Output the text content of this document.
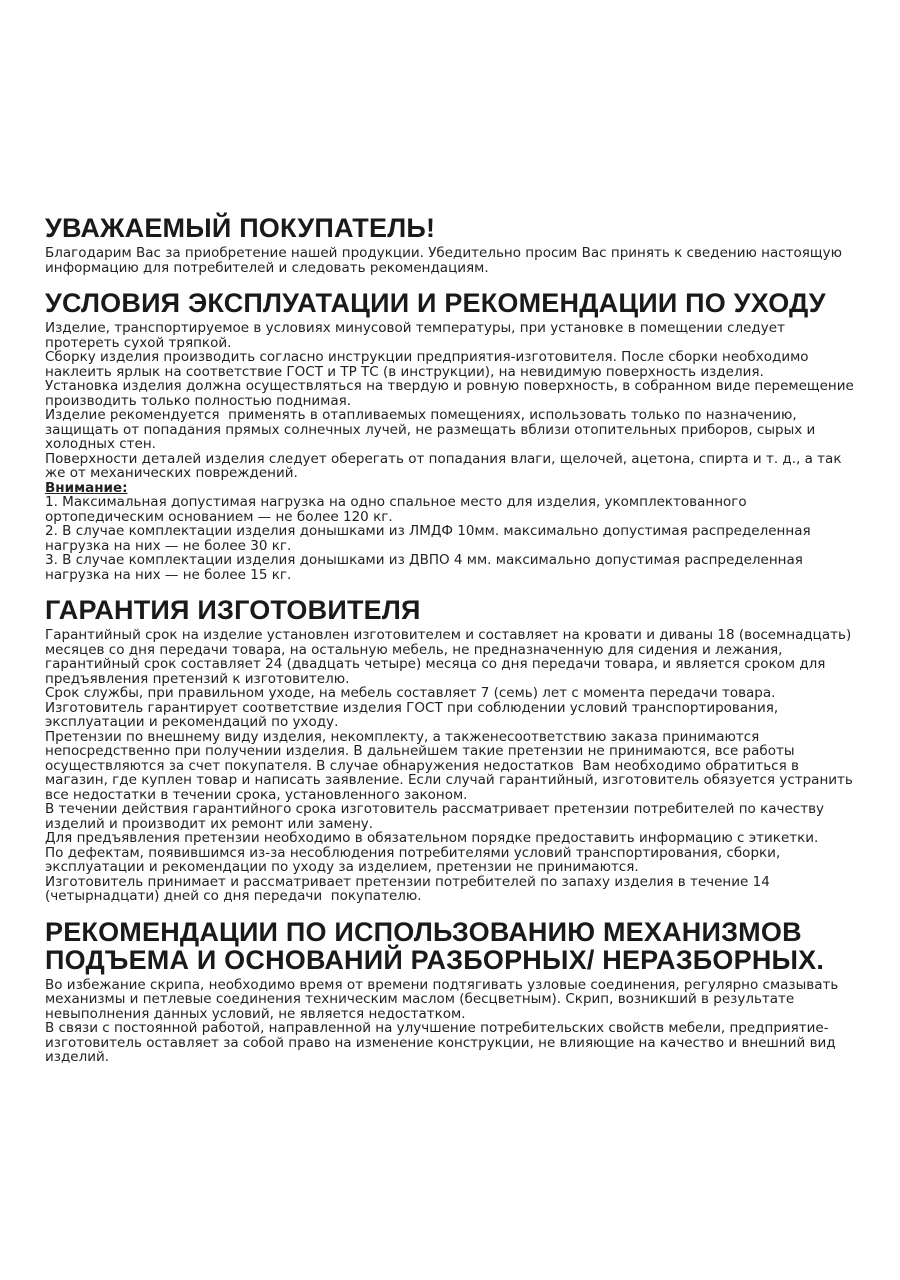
УВАЖАЕМЫЙ ПОКУПАТЕЛЬ!

Благодарим Вас за приобретение нашей продукции. Убедительно просим Вас принять к сведению настоящую информацию для потребителей и следовать рекомендациям.

УСЛОВИЯ ЭКСПЛУАТАЦИИ И РЕКОМЕНДАЦИИ ПО УХОДУ

Изделие, транспортируемое в условиях минусовой температуры, при установке в помещении следует протереть сухой тряпкой.

Сборку изделия производить согласно инструкции предприятия-изготовителя. После сборки необходимо наклеить ярлык на соответствие ГОСТ и ТР ТС (в инструкции), на невидимую поверхность изделия.

Установка изделия должна осуществляться на твердую и ровную поверхность, в собранном виде перемещение производить только полностью поднимая.

Изделие рекомендуется  применять в отапливаемых помещениях, использовать только по назначению, защищать от попадания прямых солнечных лучей, не размещать вблизи отопительных приборов, сырых и холодных стен.

Поверхности деталей изделия следует оберегать от попадания влаги, щелочей, ацетона, спирта и т. д., а так же от механических повреждений.

Внимание:

1. Максимальная допустимая нагрузка на одно спальное место для изделия, укомплектованного ортопедическим основанием — не более 120 кг.

2. В случае комплектации изделия донышками из ЛМДФ 10мм. максимально допустимая распределенная нагрузка на них — не более 30 кг.

3. В случае комплектации изделия донышками из ДВПО 4 мм. максимально допустимая распределенная нагрузка на них — не более 15 кг.

ГАРАНТИЯ ИЗГОТОВИТЕЛЯ

Гарантийный срок на изделие установлен изготовителем и составляет на кровати и диваны 18 (восемнадцать) месяцев со дня передачи товара, на остальную мебель, не предназначенную для сидения и лежания, гарантийный срок составляет 24 (двадцать четыре) месяца со дня передачи товара, и является сроком для предъявления претензий к изготовителю.

Срок службы, при правильном уходе, на мебель составляет 7 (семь) лет с момента передачи товара.

Изготовитель гарантирует соответствие изделия ГОСТ при соблюдении условий транспортирования, эксплуатации и рекомендаций по уходу.

Претензии по внешнему виду изделия, некомплекту, а такженесоответствию заказа принимаются непосредственно при получении изделия. В дальнейшем такие претензии не принимаются, все работы осуществляются за счет покупателя. В случае обнаружения недостатков  Вам необходимо обратиться в магазин, где куплен товар и написать заявление. Если случай гарантийный, изготовитель обязуется устранить все недостатки в течении срока, установленного законом.

В течении действия гарантийного срока изготовитель рассматривает претензии потребителей по качеству изделий и производит их ремонт или замену.

Для предъявления претензии необходимо в обязательном порядке предоставить информацию с этикетки.

По дефектам, появившимся из-за несоблюдения потребителями условий транспортирования, сборки, эксплуатации и рекомендации по уходу за изделием, претензии не принимаются.

Изготовитель принимает и рассматривает претензии потребителей по запаху изделия в течение 14 (четырнадцати) дней со дня передачи  покупателю.

РЕКОМЕНДАЦИИ ПО ИСПОЛЬЗОВАНИЮ МЕХАНИЗМОВ ПОДЪЕМА И ОСНОВАНИЙ РАЗБОРНЫХ/ НЕРАЗБОРНЫХ.

Во избежание скрипа, необходимо время от времени подтягивать узловые соединения, регулярно смазывать механизмы и петлевые соединения техническим маслом (бесцветным). Скрип, возникший в результате невыполнения данных условий, не является недостатком.

В связи с постоянной работой, направленной на улучшение потребительских свойств мебели, предприятие-изготовитель оставляет за собой право на изменение конструкции, не влияющие на качество и внешний вид изделий.
